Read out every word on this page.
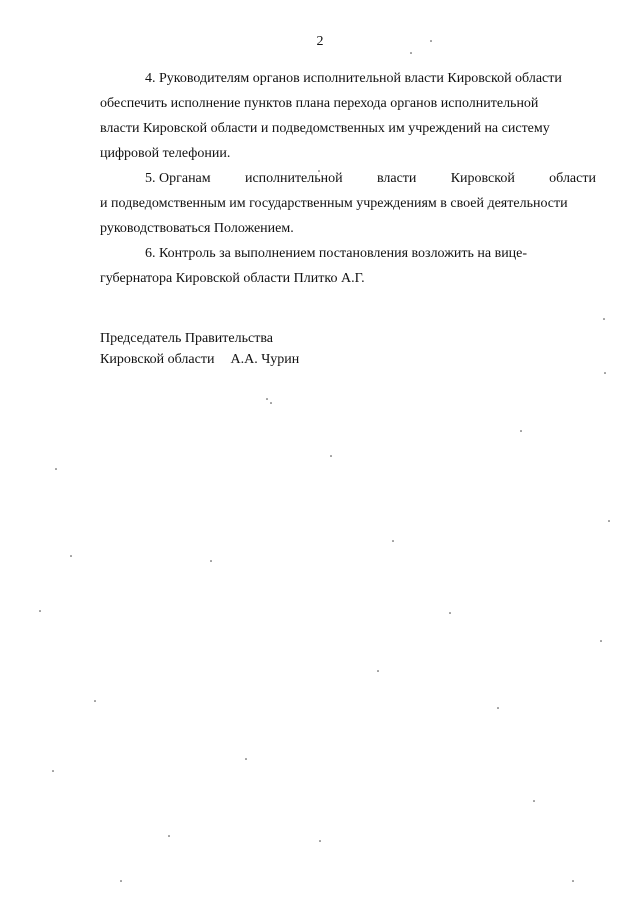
2
4. Руководителям органов исполнительной власти Кировской области
обеспечить исполнение пунктов плана перехода органов исполнительной
власти Кировской области и подведомственных им учреждений на систему
цифровой телефонии.
5. Органам исполнительной власти Кировской области
и подведомственным им государственным учреждениям в своей деятельности
руководствоваться Положением.
6. Контроль за выполнением постановления возложить на вице-
губернатора Кировской области Плитко А.Г.
Председатель Правительства
Кировской области А.А. Чурин
